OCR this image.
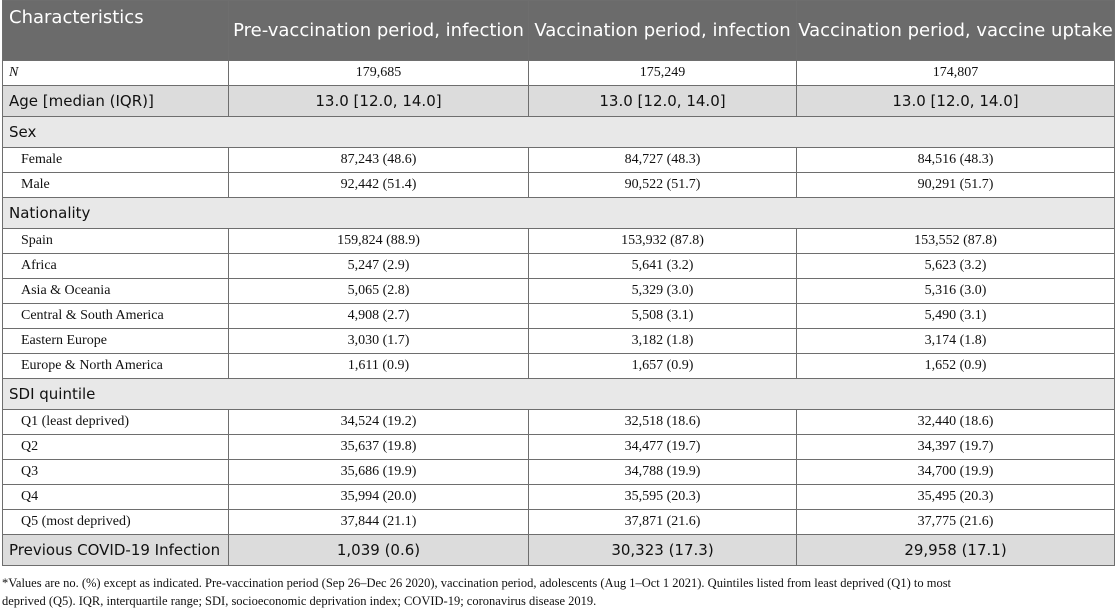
Characteristics	Pre-vaccination period, infection	Vaccination period, infection	Vaccination period, vaccine uptake
N	179,685	175,249	174,807
Age [median (IQR)]	13.0 [12.0, 14.0]	13.0 [12.0, 14.0]	13.0 [12.0, 14.0]
Sex			
Female	87,243 (48.6)	84,727 (48.3)	84,516 (48.3)
Male	92,442 (51.4)	90,522 (51.7)	90,291 (51.7)
Nationality			
Spain	159,824 (88.9)	153,932 (87.8)	153,552 (87.8)
Africa	5,247 (2.9)	5,641 (3.2)	5,623 (3.2)
Asia & Oceania	5,065 (2.8)	5,329 (3.0)	5,316 (3.0)
Central & South America	4,908 (2.7)	5,508 (3.1)	5,490 (3.1)
Eastern Europe	3,030 (1.7)	3,182 (1.8)	3,174 (1.8)
Europe & North America	1,611 (0.9)	1,657 (0.9)	1,652 (0.9)
SDI quintile			
Q1 (least deprived)	34,524 (19.2)	32,518 (18.6)	32,440 (18.6)
Q2	35,637 (19.8)	34,477 (19.7)	34,397 (19.7)
Q3	35,686 (19.9)	34,788 (19.9)	34,700 (19.9)
Q4	35,994 (20.0)	35,595 (20.3)	35,495 (20.3)
Q5 (most deprived)	37,844 (21.1)	37,871 (21.6)	37,775 (21.6)
Previous COVID-19 Infection	1,039 (0.6)	30,323 (17.3)	29,958 (17.1)
*Values are no. (%) except as indicated. Pre-vaccination period (Sep 26–Dec 26 2020), vaccination period, adolescents (Aug 1–Oct 1 2021). Quintiles listed from least deprived (Q1) to most
deprived (Q5). IQR, interquartile range; SDI, socioeconomic deprivation index; COVID-19; coronavirus disease 2019.
